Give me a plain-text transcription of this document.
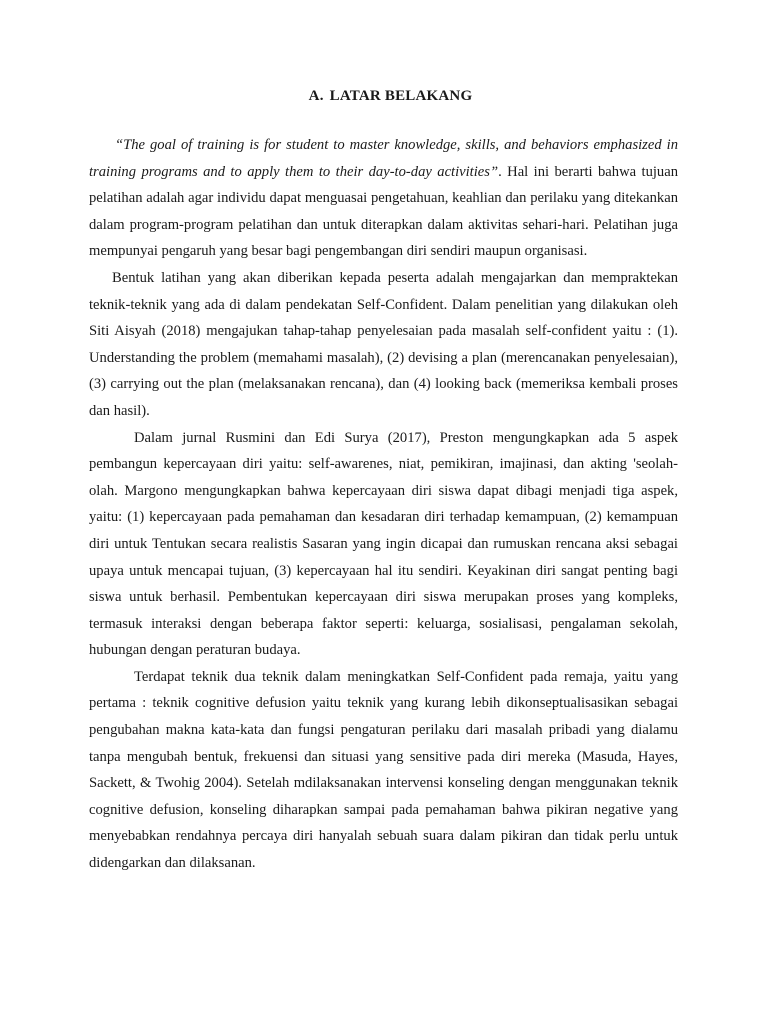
A. LATAR BELAKANG

“The goal of training is for student to master knowledge, skills, and behaviors emphasized in training programs and to apply them to their day-to-day activities”. Hal ini berarti bahwa tujuan pelatihan adalah agar individu dapat menguasai pengetahuan, keahlian dan perilaku yang ditekankan dalam program-program pelatihan dan untuk diterapkan dalam aktivitas sehari-hari. Pelatihan juga mempunyai pengaruh yang besar bagi pengembangan diri sendiri maupun organisasi.

Bentuk latihan yang akan diberikan kepada peserta adalah mengajarkan dan mempraktekan teknik-teknik yang ada di dalam pendekatan Self-Confident. Dalam penelitian yang dilakukan oleh Siti Aisyah (2018) mengajukan tahap-tahap penyelesaian pada masalah self-confident yaitu : (1). Understanding the problem (memahami masalah), (2) devising a plan (merencanakan penyelesaian), (3) carrying out the plan (melaksanakan rencana), dan (4) looking back (memeriksa kembali proses dan hasil).

Dalam jurnal Rusmini dan Edi Surya (2017), Preston mengungkapkan ada 5 aspek pembangun kepercayaan diri yaitu: self-awarenes, niat, pemikiran, imajinasi, dan akting 'seolah-olah. Margono mengungkapkan bahwa kepercayaan diri siswa dapat dibagi menjadi tiga aspek, yaitu: (1) kepercayaan pada pemahaman dan kesadaran diri terhadap kemampuan, (2) kemampuan diri untuk Tentukan secara realistis Sasaran yang ingin dicapai dan rumuskan rencana aksi sebagai upaya untuk mencapai tujuan, (3) kepercayaan hal itu sendiri. Keyakinan diri sangat penting bagi siswa untuk berhasil. Pembentukan kepercayaan diri siswa merupakan proses yang kompleks, termasuk interaksi dengan beberapa faktor seperti: keluarga, sosialisasi, pengalaman sekolah, hubungan dengan peraturan budaya.

Terdapat teknik dua teknik dalam meningkatkan Self-Confident pada remaja, yaitu yang pertama : teknik cognitive defusion yaitu teknik yang kurang lebih dikonseptualisasikan sebagai pengubahan makna kata-kata dan fungsi pengaturan perilaku dari masalah pribadi yang dialamu tanpa mengubah bentuk, frekuensi dan situasi yang sensitive pada diri mereka (Masuda, Hayes, Sackett, & Twohig 2004). Setelah mdilaksanakan intervensi konseling dengan menggunakan teknik cognitive defusion, konseling diharapkan sampai pada pemahaman bahwa pikiran negative yang menyebabkan rendahnya percaya diri hanyalah sebuah suara dalam pikiran dan tidak perlu untuk didengarkan dan dilaksanan.
